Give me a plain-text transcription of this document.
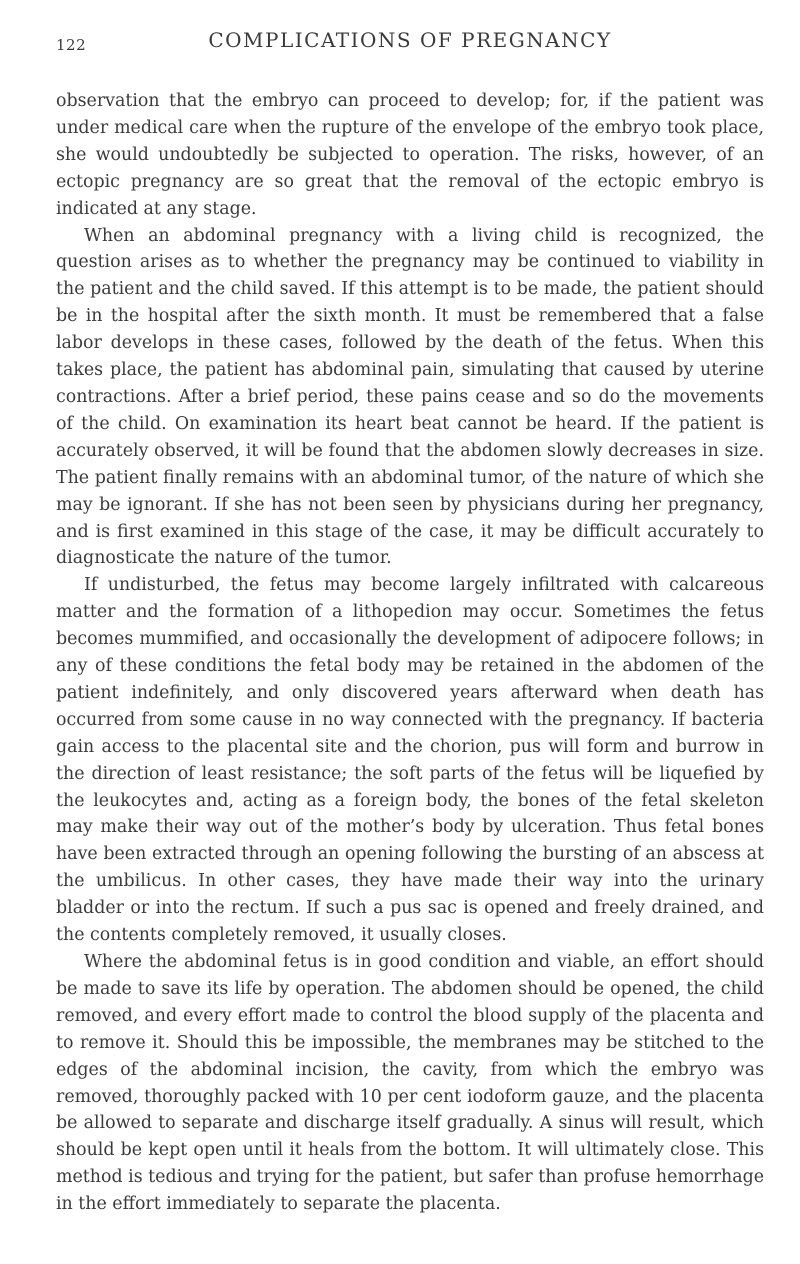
122	COMPLICATIONS OF PREGNANCY

observation that the embryo can proceed to develop; for, if the patient was under medical care when the rupture of the envelope of the embryo took place, she would undoubtedly be subjected to operation. The risks, however, of an ectopic pregnancy are so great that the removal of the ectopic embryo is indicated at any stage.

When an abdominal pregnancy with a living child is recognized, the question arises as to whether the pregnancy may be continued to viability in the patient and the child saved. If this attempt is to be made, the patient should be in the hospital after the sixth month. It must be remembered that a false labor develops in these cases, followed by the death of the fetus. When this takes place, the patient has abdominal pain, simulating that caused by uterine contractions. After a brief period, these pains cease and so do the movements of the child. On examination its heart beat cannot be heard. If the patient is accurately observed, it will be found that the abdomen slowly decreases in size. The patient finally remains with an abdominal tumor, of the nature of which she may be ignorant. If she has not been seen by physicians during her pregnancy, and is first examined in this stage of the case, it may be difficult accurately to diagnosticate the nature of the tumor.

If undisturbed, the fetus may become largely infiltrated with calcareous matter and the formation of a lithopedion may occur. Sometimes the fetus becomes mummified, and occasionally the development of adipocere follows; in any of these conditions the fetal body may be retained in the abdomen of the patient indefinitely, and only discovered years afterward when death has occurred from some cause in no way connected with the pregnancy. If bacteria gain access to the placental site and the chorion, pus will form and burrow in the direction of least resistance; the soft parts of the fetus will be liquefied by the leukocytes and, acting as a foreign body, the bones of the fetal skeleton may make their way out of the mother’s body by ulceration. Thus fetal bones have been extracted through an opening following the bursting of an abscess at the umbilicus. In other cases, they have made their way into the urinary bladder or into the rectum. If such a pus sac is opened and freely drained, and the contents completely removed, it usually closes.

Where the abdominal fetus is in good condition and viable, an effort should be made to save its life by operation. The abdomen should be opened, the child removed, and every effort made to control the blood supply of the placenta and to remove it. Should this be impossible, the membranes may be stitched to the edges of the abdominal incision, the cavity, from which the embryo was removed, thoroughly packed with 10 per cent iodoform gauze, and the placenta be allowed to separate and discharge itself gradually. A sinus will result, which should be kept open until it heals from the bottom. It will ultimately close. This method is tedious and trying for the patient, but safer than profuse hemorrhage in the effort immediately to separate the placenta.
